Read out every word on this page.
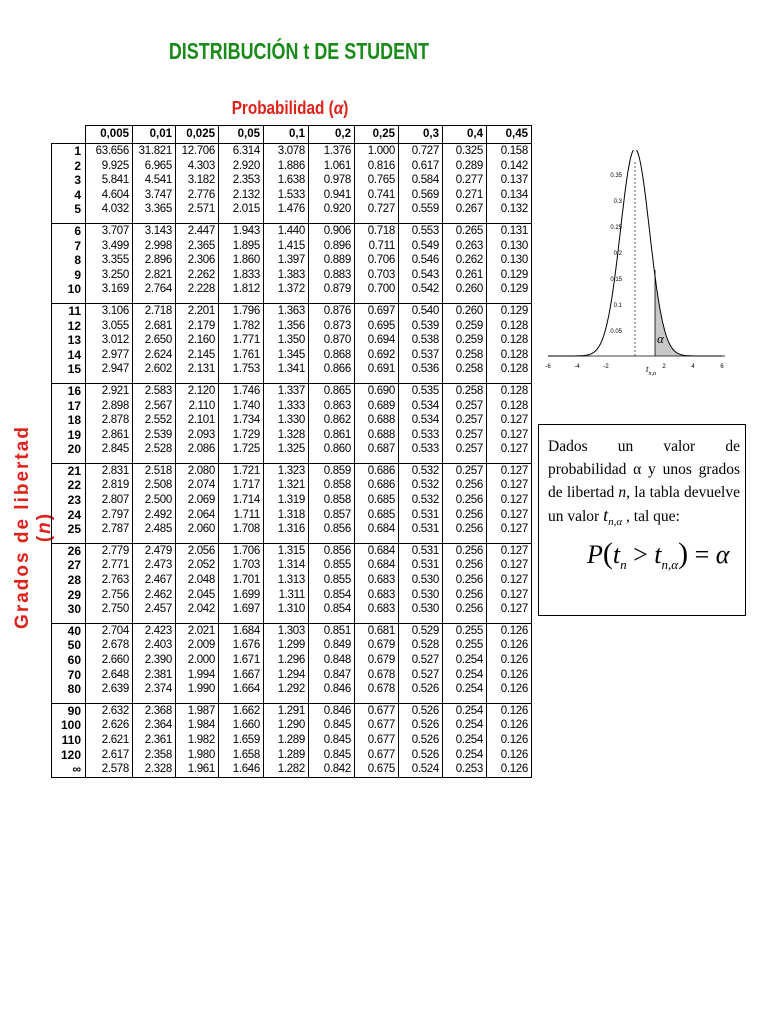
DISTRIBUCIÓN t DE STUDENT
Probabilidad (α)
Grados de libertad (n)
	0,005	0,01	0,025	0,05	0,1	0,2	0,25	0,3	0,4	0,45
1	63.656	31.821	12.706	6.314	3.078	1.376	1.000	0.727	0.325	0.158
2	9.925	6.965	4.303	2.920	1.886	1.061	0.816	0.617	0.289	0.142
3	5.841	4.541	3.182	2.353	1.638	0.978	0.765	0.584	0.277	0.137
4	4.604	3.747	2.776	2.132	1.533	0.941	0.741	0.569	0.271	0.134
5	4.032	3.365	2.571	2.015	1.476	0.920	0.727	0.559	0.267	0.132

6	3.707	3.143	2.447	1.943	1.440	0.906	0.718	0.553	0.265	0.131
7	3.499	2.998	2.365	1.895	1.415	0.896	0.711	0.549	0.263	0.130
8	3.355	2.896	2.306	1.860	1.397	0.889	0.706	0.546	0.262	0.130
9	3.250	2.821	2.262	1.833	1.383	0.883	0.703	0.543	0.261	0.129
10	3.169	2.764	2.228	1.812	1.372	0.879	0.700	0.542	0.260	0.129

11	3.106	2.718	2.201	1.796	1.363	0.876	0.697	0.540	0.260	0.129
12	3.055	2.681	2.179	1.782	1.356	0.873	0.695	0.539	0.259	0.128
13	3.012	2.650	2.160	1.771	1.350	0.870	0.694	0.538	0.259	0.128
14	2.977	2.624	2.145	1.761	1.345	0.868	0.692	0.537	0.258	0.128
15	2.947	2.602	2.131	1.753	1.341	0.866	0.691	0.536	0.258	0.128

16	2.921	2.583	2.120	1.746	1.337	0.865	0.690	0.535	0.258	0.128
17	2.898	2.567	2.110	1.740	1.333	0.863	0.689	0.534	0.257	0.128
18	2.878	2.552	2.101	1.734	1.330	0.862	0.688	0.534	0.257	0.127
19	2.861	2.539	2.093	1.729	1.328	0.861	0.688	0.533	0.257	0.127
20	2.845	2.528	2.086	1.725	1.325	0.860	0.687	0.533	0.257	0.127

21	2.831	2.518	2.080	1.721	1.323	0.859	0.686	0.532	0.257	0.127
22	2.819	2.508	2.074	1.717	1.321	0.858	0.686	0.532	0.256	0.127
23	2.807	2.500	2.069	1.714	1.319	0.858	0.685	0.532	0.256	0.127
24	2.797	2.492	2.064	1.711	1.318	0.857	0.685	0.531	0.256	0.127
25	2.787	2.485	2.060	1.708	1.316	0.856	0.684	0.531	0.256	0.127

26	2.779	2.479	2.056	1.706	1.315	0.856	0.684	0.531	0.256	0.127
27	2.771	2.473	2.052	1.703	1.314	0.855	0.684	0.531	0.256	0.127
28	2.763	2.467	2.048	1.701	1.313	0.855	0.683	0.530	0.256	0.127
29	2.756	2.462	2.045	1.699	1.311	0.854	0.683	0.530	0.256	0.127
30	2.750	2.457	2.042	1.697	1.310	0.854	0.683	0.530	0.256	0.127

40	2.704	2.423	2.021	1.684	1.303	0.851	0.681	0.529	0.255	0.126
50	2.678	2.403	2.009	1.676	1.299	0.849	0.679	0.528	0.255	0.126
60	2.660	2.390	2.000	1.671	1.296	0.848	0.679	0.527	0.254	0.126
70	2.648	2.381	1.994	1.667	1.294	0.847	0.678	0.527	0.254	0.126
80	2.639	2.374	1.990	1.664	1.292	0.846	0.678	0.526	0.254	0.126

90	2.632	2.368	1.987	1.662	1.291	0.846	0.677	0.526	0.254	0.126
100	2.626	2.364	1.984	1.660	1.290	0.845	0.677	0.526	0.254	0.126
110	2.621	2.361	1.982	1.659	1.289	0.845	0.677	0.526	0.254	0.126
120	2.617	2.358	1.980	1.658	1.289	0.845	0.677	0.526	0.254	0.126
∞	2.578	2.328	1.961	1.646	1.282	0.842	0.675	0.524	0.253	0.126
0.35
0.3
0.25
0.2
0.15
0.1
0.05
-6	-4	-2	2	4	6
α
$t_{n,\alpha}$
Dados un valor de probabilidad α y unos grados de libertad n, la tabla devuelve un valor $t_{n,\alpha}$ , tal que:
$P(t_n > t_{n,\alpha}) = \alpha$
